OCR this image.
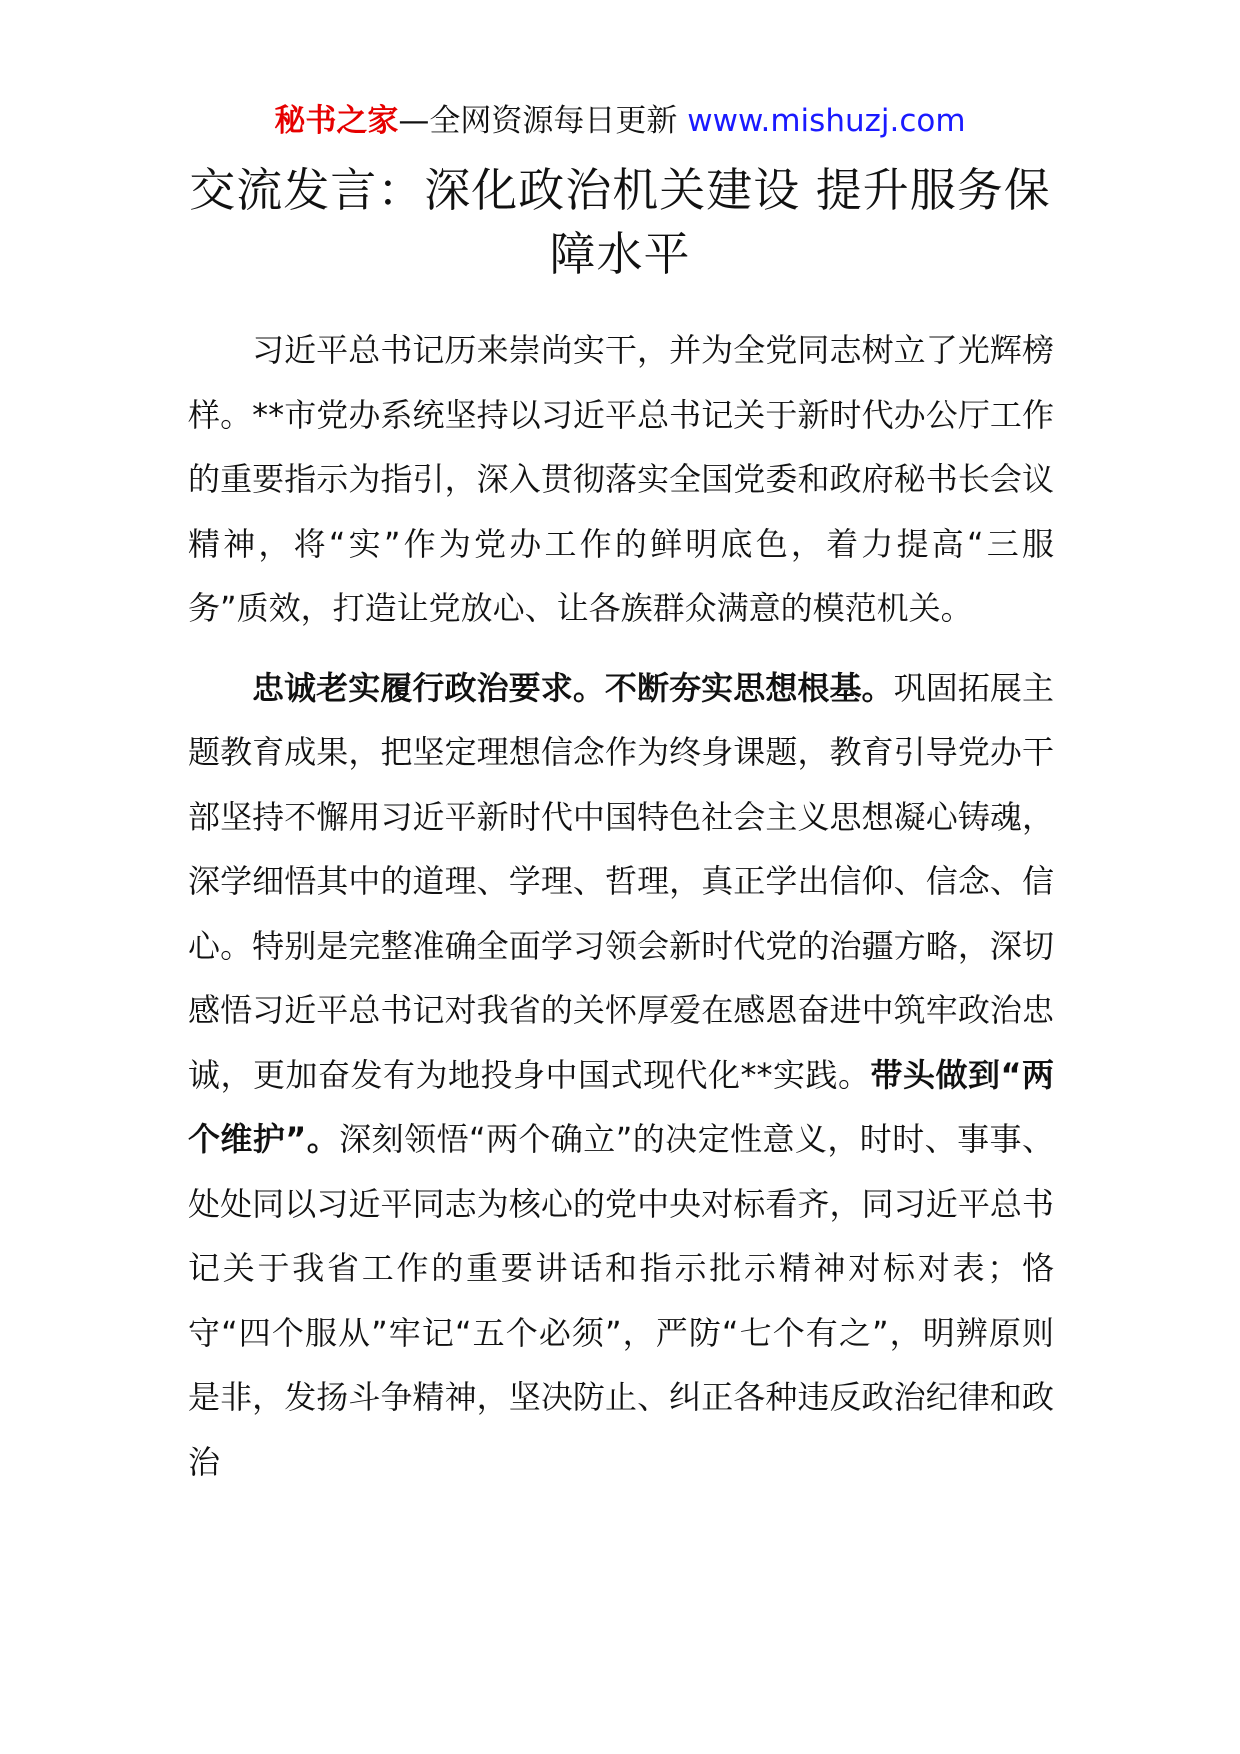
秘书之家—全网资源每日更新 www.mishuzj.com
交流发言：深化政治机关建设 提升服务保障水平

习近平总书记历来崇尚实干，并为全党同志树立了光辉榜样。**市党办系统坚持以习近平总书记关于新时代办公厅工作的重要指示为指引，深入贯彻落实全国党委和政府秘书长会议精神，将“实”作为党办工作的鲜明底色，着力提高“三服务”质效，打造让党放心、让各族群众满意的模范机关。

忠诚老实履行政治要求。不断夯实思想根基。巩固拓展主题教育成果，把坚定理想信念作为终身课题，教育引导党办干部坚持不懈用习近平新时代中国特色社会主义思想凝心铸魂，深学细悟其中的道理、学理、哲理，真正学出信仰、信念、信心。特别是完整准确全面学习领会新时代党的治疆方略，深切感悟习近平总书记对我省的关怀厚爱在感恩奋进中筑牢政治忠诚，更加奋发有为地投身中国式现代化**实践。带头做到“两个维护”。深刻领悟“两个确立”的决定性意义，时时、事事、处处同以习近平同志为核心的党中央对标看齐，同习近平总书记关于我省工作的重要讲话和指示批示精神对标对表；恪守“四个服从”牢记“五个必须”，严防“七个有之”，明辨原则是非，发扬斗争精神，坚决防止、纠正各种违反政治纪律和政治
